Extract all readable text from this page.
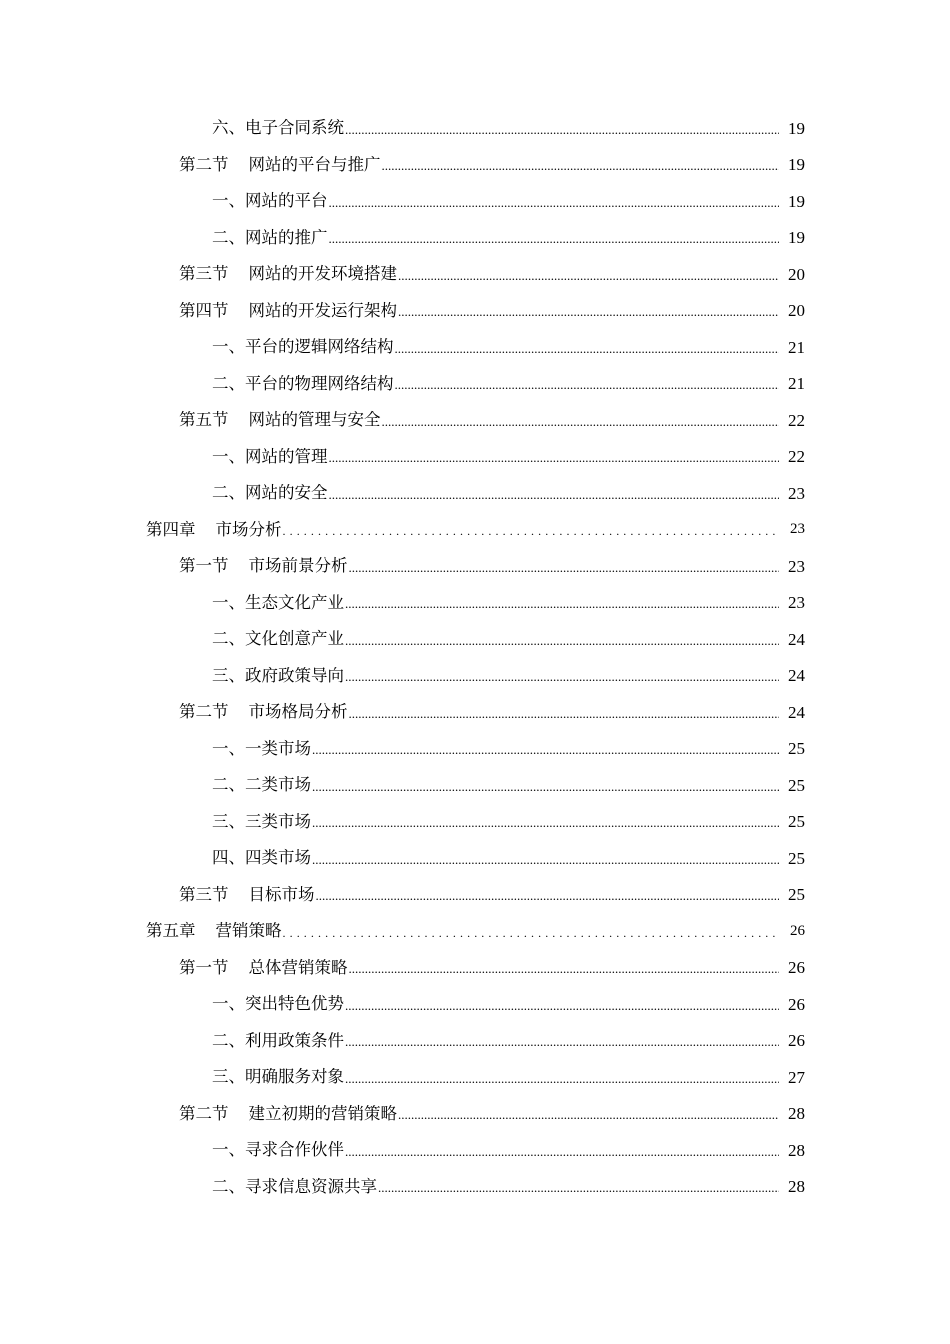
六、电子合同系统 .....	19
第二节 网站的平台与推广 .....	19
一、网站的平台 .....	19
二、网站的推广 .....	19
第三节 网站的开发环境搭建 .....	20
第四节 网站的开发运行架构 .....	20
一、平台的逻辑网络结构 .....	21
二、平台的物理网络结构 .....	21
第五节 网站的管理与安全 .....	22
一、网站的管理 .....	22
二、网站的安全 .....	23
第四章 市场分析 .....	23
第一节 市场前景分析 .....	23
一、生态文化产业 .....	23
二、文化创意产业 .....	24
三、政府政策导向 .....	24
第二节 市场格局分析 .....	24
一、一类市场 .....	25
二、二类市场 .....	25
三、三类市场 .....	25
四、四类市场 .....	25
第三节 目标市场 .....	25
第五章 营销策略 .....	26
第一节 总体营销策略 .....	26
一、突出特色优势 .....	26
二、利用政策条件 .....	26
三、明确服务对象 .....	27
第二节 建立初期的营销策略 .....	28
一、寻求合作伙伴 .....	28
二、寻求信息资源共享 .....	28
